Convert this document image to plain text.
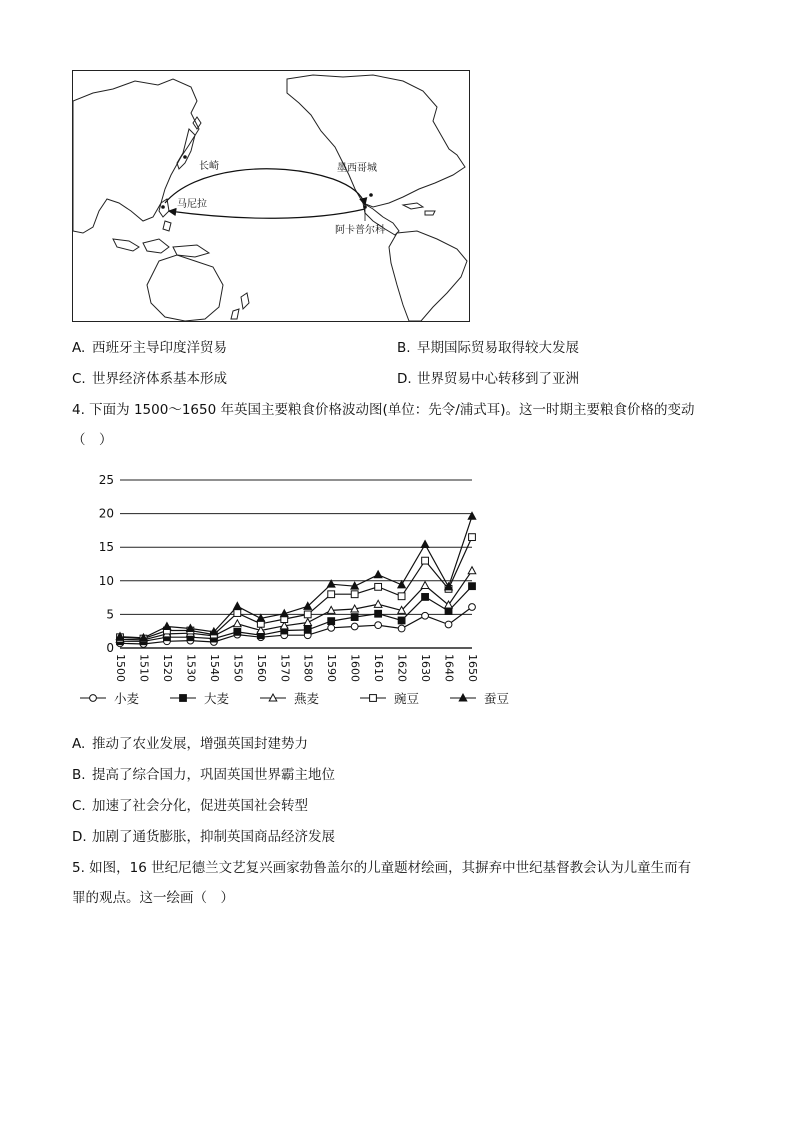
长崎
马尼拉
墨西哥城
阿卡普尔科
A. 西班牙主导印度洋贸易	B. 早期国际贸易取得较大发展
C. 世界经济体系基本形成	D. 世界贸易中心转移到了亚洲
4. 下面为 1500～1650 年英国主要粮食价格波动图(单位：先令/浦式耳)。这一时期主要粮食价格的变动
（　）
0
5
10
15
20
25
1500 1510 1520 1530 1540 1550 1560 1570 1580 1590 1600 1610 1620 1630 1640 1650
小麦	大麦	燕麦	豌豆	蚕豆
A. 推动了农业发展，增强英国封建势力
B. 提高了综合国力，巩固英国世界霸主地位
C. 加速了社会分化，促进英国社会转型
D. 加剧了通货膨胀，抑制英国商品经济发展
5. 如图，16 世纪尼德兰文艺复兴画家勃鲁盖尔的儿童题材绘画，其摒弃中世纪基督教会认为儿童生而有
罪的观点。这一绘画（　）
